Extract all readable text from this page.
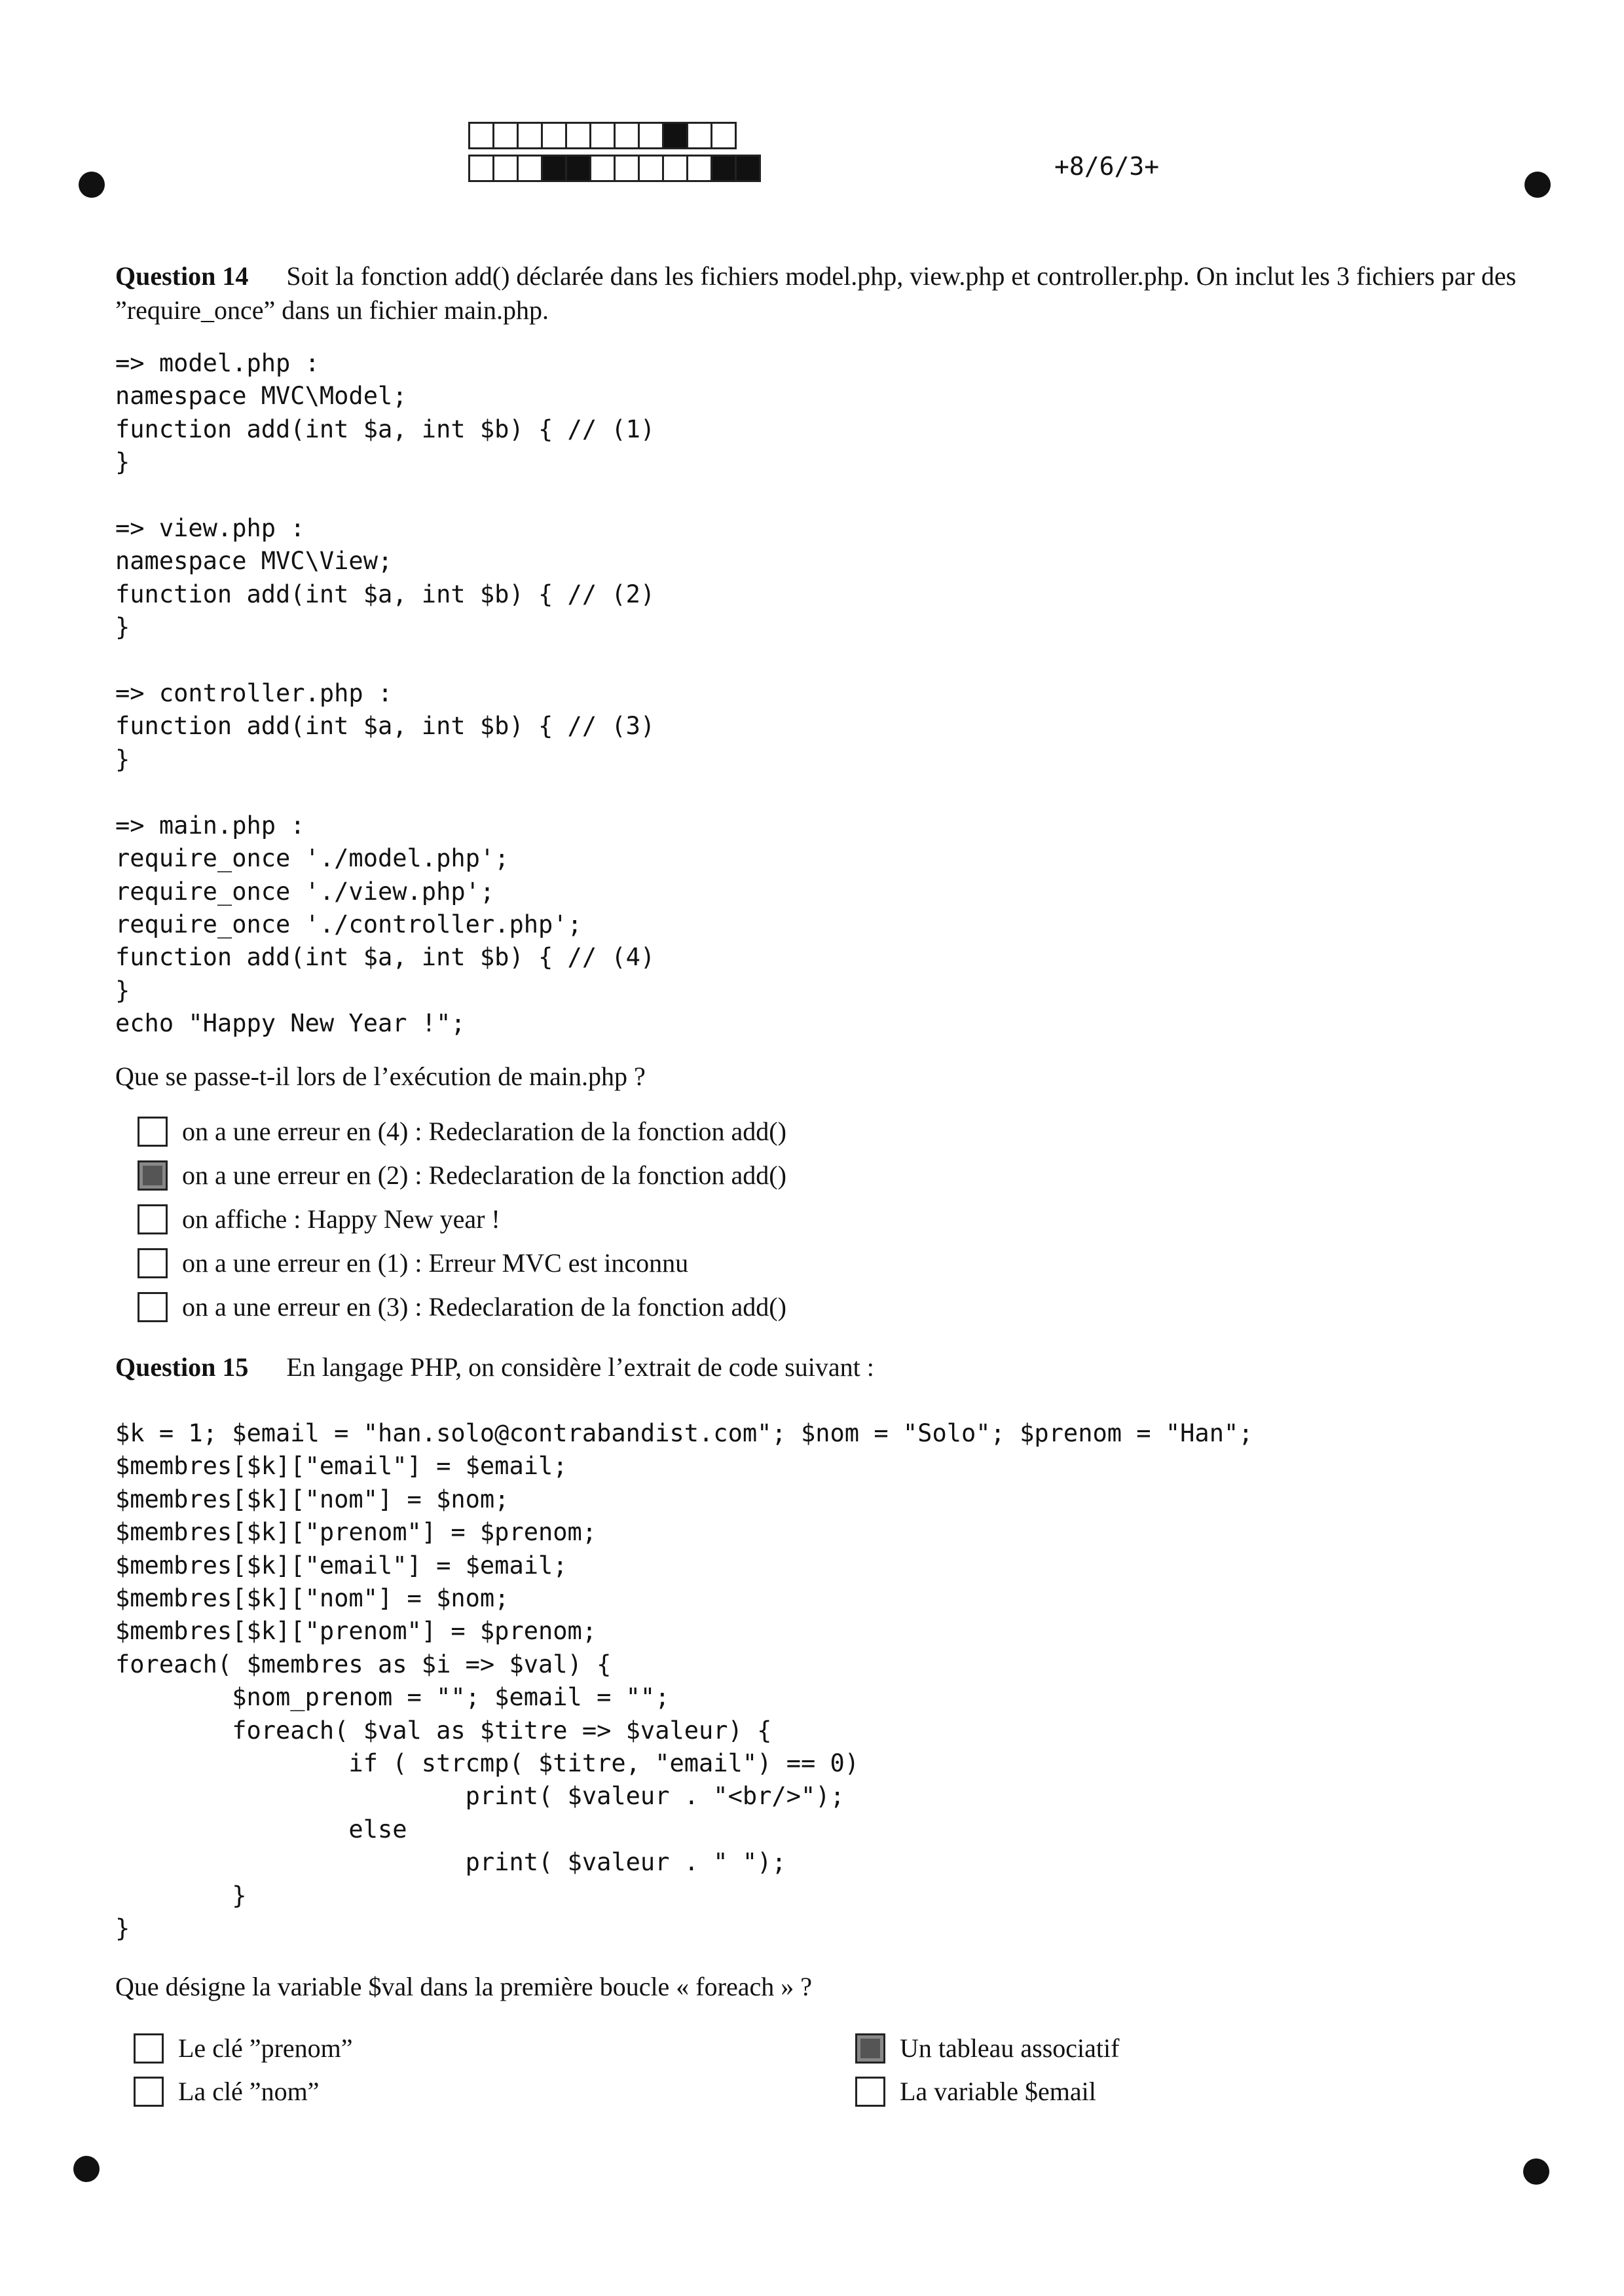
+8/6/3+
Question 14 Soit la fonction add() déclarée dans les fichiers model.php, view.php et controller.php. On inclut les 3 fichiers par des ”require_once” dans un fichier main.php.
=> model.php :
namespace MVC\Model;
function add(int $a, int $b) { // (1)
}

=> view.php :
namespace MVC\View;
function add(int $a, int $b) { // (2)
}

=> controller.php :
function add(int $a, int $b) { // (3)
}

=> main.php :
require_once './model.php';
require_once './view.php';
require_once './controller.php';
function add(int $a, int $b) { // (4)
}
echo "Happy New Year !";
Que se passe-t-il lors de l’exécution de main.php ?
on a une erreur en (4) : Redeclaration de la fonction add()
on a une erreur en (2) : Redeclaration de la fonction add()
on affiche : Happy New year !
on a une erreur en (1) : Erreur MVC est inconnu
on a une erreur en (3) : Redeclaration de la fonction add()
Question 15 En langage PHP, on considère l’extrait de code suivant :
$k = 1; $email = "han.solo@contrabandist.com"; $nom = "Solo"; $prenom = "Han";
$membres[$k]["email"] = $email;
$membres[$k]["nom"] = $nom;
$membres[$k]["prenom"] = $prenom;
$membres[$k]["email"] = $email;
$membres[$k]["nom"] = $nom;
$membres[$k]["prenom"] = $prenom;
foreach( $membres as $i => $val) {
$nom_prenom = ""; $email = "";
foreach( $val as $titre => $valeur) {
if ( strcmp( $titre, "email") == 0)
print( $valeur . "<br/>");
else
print( $valeur . " ");
}
}
Que désigne la variable $val dans la première boucle « foreach » ?
Le clé ”prenom”
La clé ”nom”
Un tableau associatif
La variable $email
